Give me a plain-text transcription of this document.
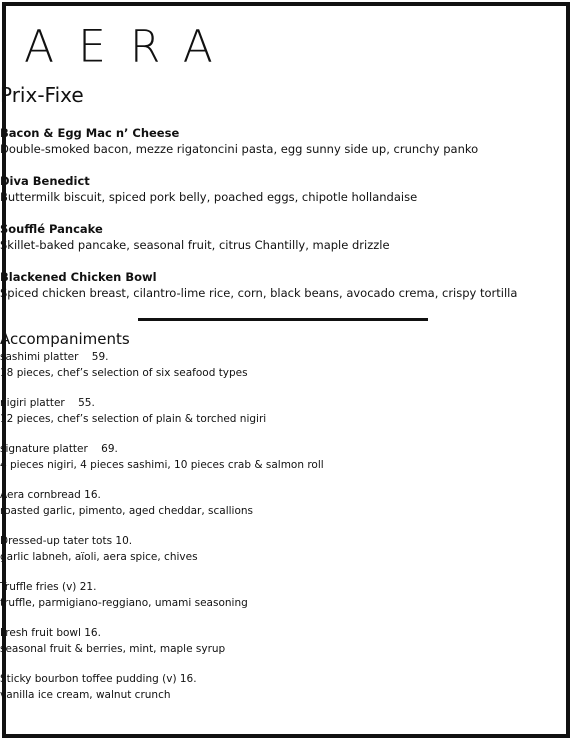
AERA
Prix-Fixe
Bacon & Egg Mac n’ Cheese
Double-smoked bacon, mezze rigatoncini pasta, egg sunny side up, crunchy panko
Diva Benedict
Buttermilk biscuit, spiced pork belly, poached eggs, chipotle hollandaise
Soufflé Pancake
Skillet-baked pancake, seasonal fruit, citrus Chantilly, maple drizzle
Blackened Chicken Bowl
Spiced chicken breast, cilantro-lime rice, corn, black beans, avocado crema, crispy tortilla
Accompaniments
sashimi platter    59.
18 pieces, chef’s selection of six seafood types
nigiri platter    55.
12 pieces, chef’s selection of plain & torched nigiri
signature platter    69.
4 pieces nigiri, 4 pieces sashimi, 10 pieces crab & salmon roll
Aera cornbread 16.
roasted garlic, pimento, aged cheddar, scallions
Dressed-up tater tots 10.
garlic labneh, aïoli, aera spice, chives
Truffle fries (v) 21.
truffle, parmigiano-reggiano, umami seasoning
Fresh fruit bowl 16.
seasonal fruit & berries, mint, maple syrup
Sticky bourbon toffee pudding (v) 16.
vanilla ice cream, walnut crunch
